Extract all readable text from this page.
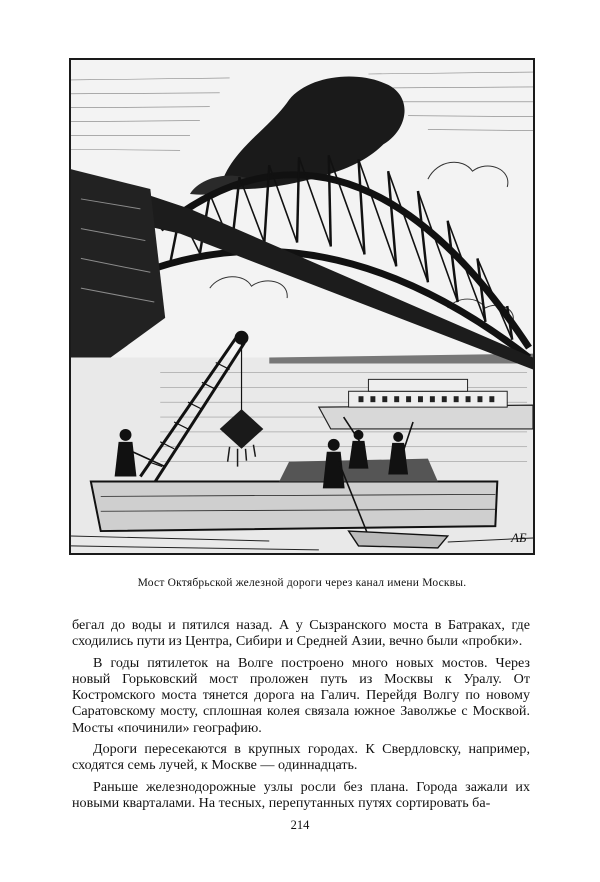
АБ
Мост Октябрьской железной дороги через канал имени Москвы.

бегал до воды и пятился назад. А у Сызранского моста в Батраках, где сходились пути из Центра, Сибири и Средней Азии, вечно были «пробки».

В годы пятилеток на Волге построено много новых мостов. Через новый Горьковский мост проложен путь из Москвы к Уралу. От Костромского моста тянется дорога на Галич. Перейдя Волгу по новому Саратовскому мосту, сплошная колея связала южное Заволжье с Москвой. Мосты «починили» географию.

Дороги пересекаются в крупных городах. К Свердловску, например, сходятся семь лучей, к Москве — одиннадцать.

Раньше железнодорожные узлы росли без плана. Города зажали их новыми кварталами. На тесных, перепутанных путях сортировать ба-

214
